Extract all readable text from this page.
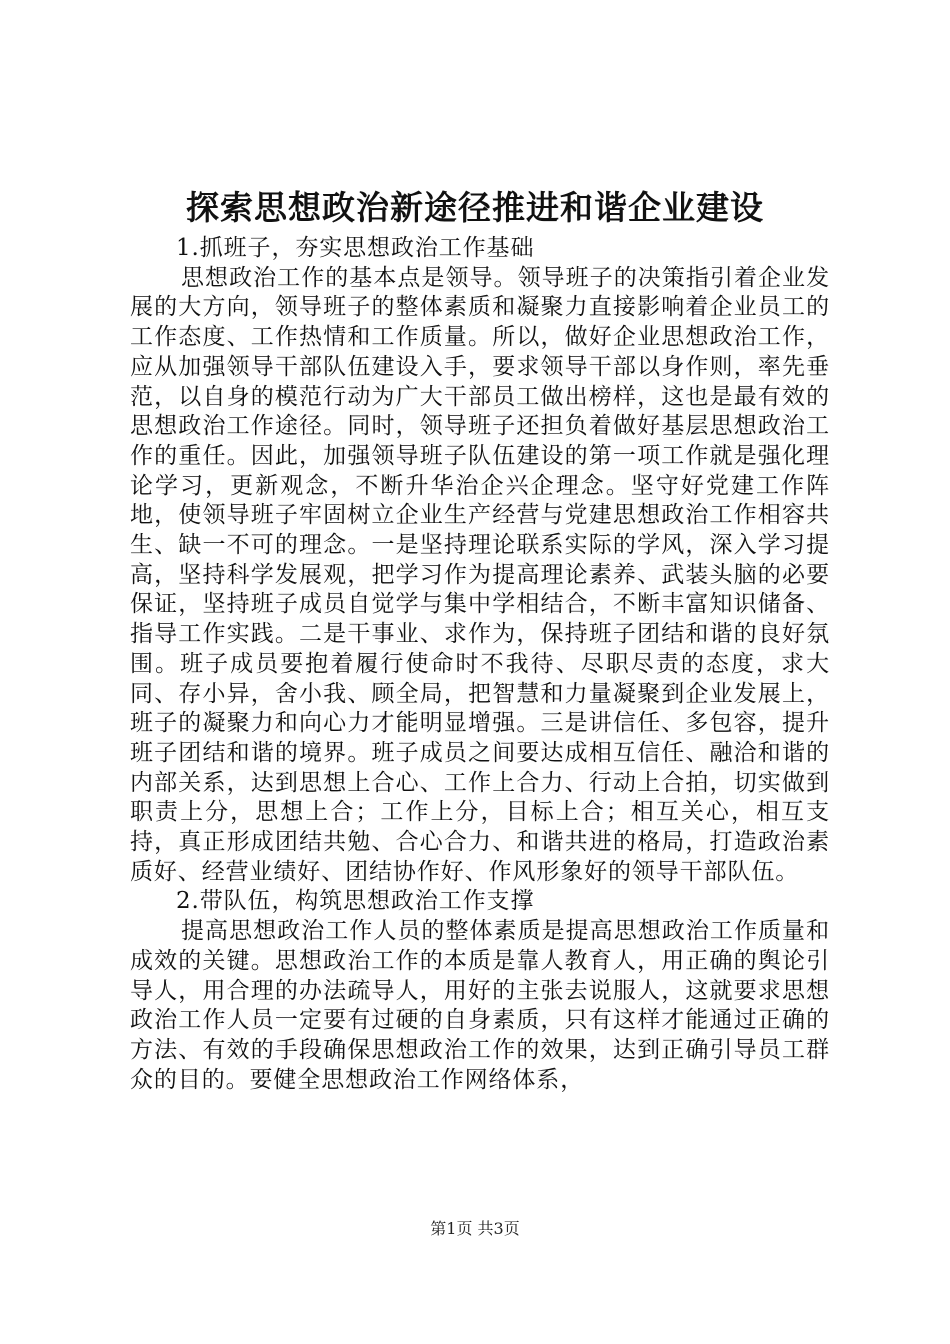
探索思想政治新途径推进和谐企业建设

1.抓班子，夯实思想政治工作基础

思想政治工作的基本点是领导。领导班子的决策指引着企业发展的大方向，领导班子的整体素质和凝聚力直接影响着企业员工的工作态度、工作热情和工作质量。所以，做好企业思想政治工作，应从加强领导干部队伍建设入手，要求领导干部以身作则，率先垂范，以自身的模范行动为广大干部员工做出榜样，这也是最有效的思想政治工作途径。同时，领导班子还担负着做好基层思想政治工作的重任。因此，加强领导班子队伍建设的第一项工作就是强化理论学习，更新观念，不断升华治企兴企理念。坚守好党建工作阵地，使领导班子牢固树立企业生产经营与党建思想政治工作相容共生、缺一不可的理念。一是坚持理论联系实际的学风，深入学习提高，坚持科学发展观，把学习作为提高理论素养、武装头脑的必要保证，坚持班子成员自觉学与集中学相结合，不断丰富知识储备、指导工作实践。二是干事业、求作为，保持班子团结和谐的良好氛围。班子成员要抱着履行使命时不我待、尽职尽责的态度，求大同、存小异，舍小我、顾全局，把智慧和力量凝聚到企业发展上，班子的凝聚力和向心力才能明显增强。三是讲信任、多包容，提升班子团结和谐的境界。班子成员之间要达成相互信任、融洽和谐的内部关系，达到思想上合心、工作上合力、行动上合拍，切实做到职责上分，思想上合；工作上分，目标上合；相互关心，相互支持，真正形成团结共勉、合心合力、和谐共进的格局，打造政治素质好、经营业绩好、团结协作好、作风形象好的领导干部队伍。

2.带队伍，构筑思想政治工作支撑

提高思想政治工作人员的整体素质是提高思想政治工作质量和成效的关键。思想政治工作的本质是靠人教育人，用正确的舆论引导人，用合理的办法疏导人，用好的主张去说服人，这就要求思想政治工作人员一定要有过硬的自身素质，只有这样才能通过正确的方法、有效的手段确保思想政治工作的效果，达到正确引导员工群众的目的。要健全思想政治工作网络体系，

第1页 共3页
